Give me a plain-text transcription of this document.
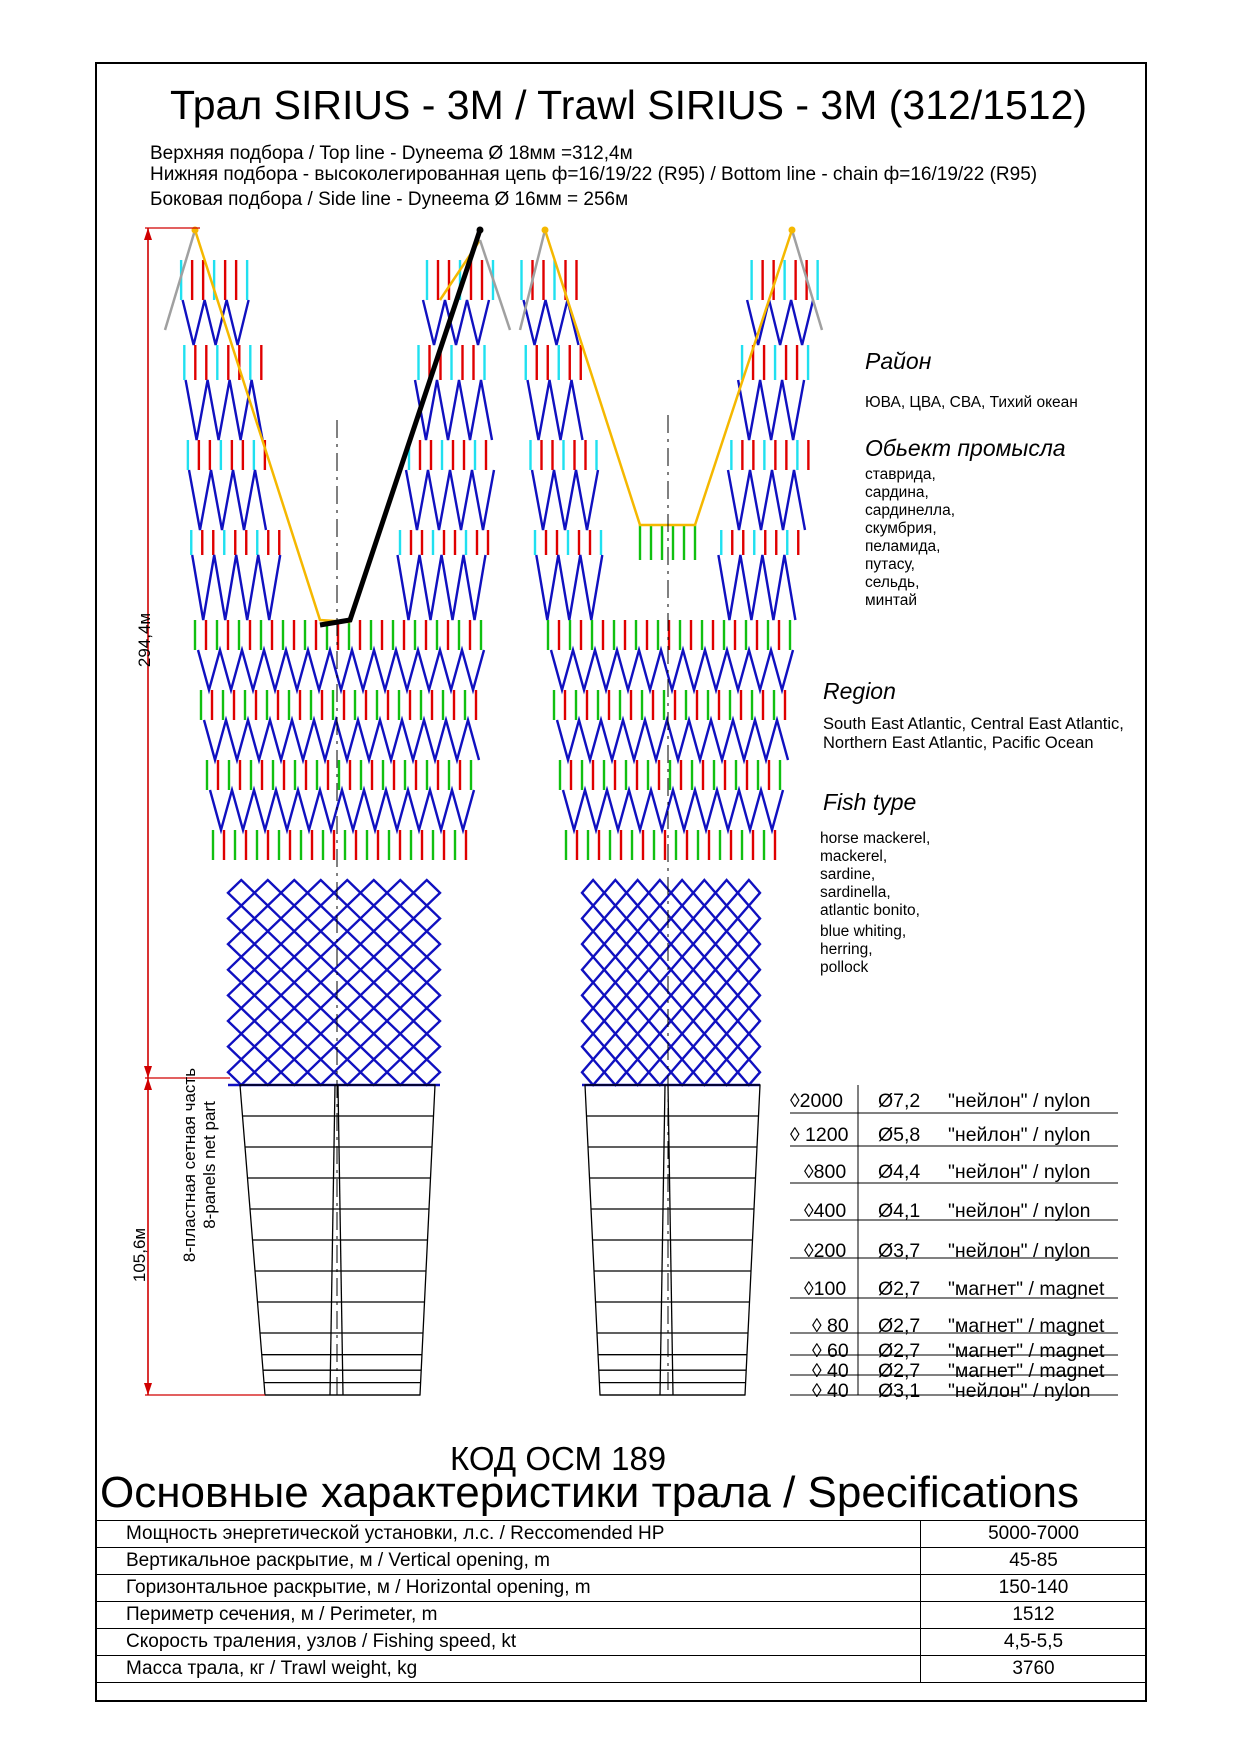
Трал SIRIUS - 3M / Trawl SIRIUS - 3M (312/1512)
Верхняя подбора / Top line - Dyneema Ø 18мм =312,4м
Нижняя подбора - высоколегированная цепь ф=16/19/22 (R95) / Bottom line - chain ф=16/19/22 (R95)
Боковая подбора / Side line - Dyneema Ø 16мм = 256м
294,4м
105,6м 8-пластная сетная часть 8-panels net part
Район
ЮВА, ЦВА, СВА, Тихий океан
Обьект промысла
ставрида,
сардина,
сардинелла,
скумбрия,
пеламида,
путасу,
сельдь,
минтай
Region
South East Atlantic, Central East Atlantic,
Northern East Atlantic, Pacific Ocean
Fish type
horse mackerel,
mackerel,
sardine,
sardinella,
atlantic bonito,
blue whiting,
herring,
pollock
◊2000 Ø7,2 "нейлон" / nylon
◊ 1200 Ø5,8 "нейлон" / nylon
◊800 Ø4,4 "нейлон" / nylon
◊400 Ø4,1 "нейлон" / nylon
◊200 Ø3,7 "нейлон" / nylon
◊100 Ø2,7 "магнет" / magnet
◊ 80 Ø2,7 "магнет" / magnet
◊ 60 Ø2,7 "магнет" / magnet
◊ 40 Ø2,7 "магнет" / magnet
◊ 40 Ø3,1 "нейлон" / nylon
КОД ОСМ 189
Основные характеристики трала / Specifications
Мощность энергетической установки, л.с. / Reccomended HP	5000-7000
Вертикальное раскрытие, м / Vertical opening, m	45-85
Горизонтальное раскрытие, м / Horizontal opening, m	150-140
Периметр сечения, м / Perimeter, m	1512
Скорость траления, узлов / Fishing speed, kt	4,5-5,5
Масса трала, кг / Trawl weight, kg	3760
